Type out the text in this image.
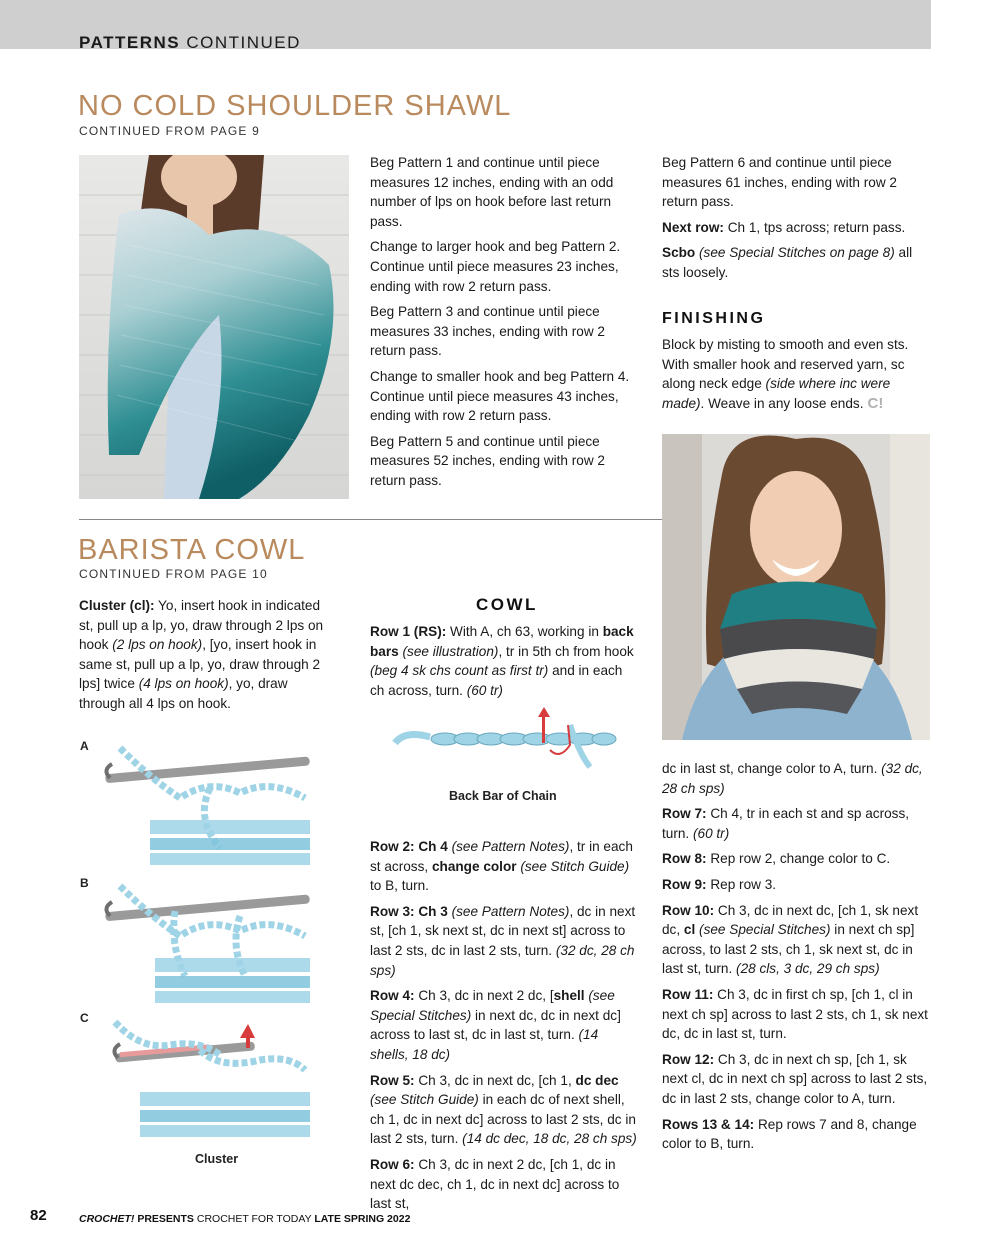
PATTERNS CONTINUED
NO COLD SHOULDER SHAWL
CONTINUED FROM PAGE 9

Beg Pattern 1 and continue until piece measures 12 inches, ending with an odd number of lps on hook before last return pass.

Change to larger hook and beg Pattern 2. Continue until piece measures 23 inches, ending with row 2 return pass.

Beg Pattern 3 and continue until piece measures 33 inches, ending with row 2 return pass.

Change to smaller hook and beg Pattern 4. Continue until piece measures 43 inches, ending with row 2 return pass.

Beg Pattern 5 and continue until piece measures 52 inches, ending with row 2 return pass.

Beg Pattern 6 and continue until piece measures 61 inches, ending with row 2 return pass.

Next row: Ch 1, tps across; return pass.

Scbo (see Special Stitches on page 8) all sts loosely.

FINISHING

Block by misting to smooth and even sts. With smaller hook and reserved yarn, sc along neck edge (side where inc were made). Weave in any loose ends. C!

BARISTA COWL
CONTINUED FROM PAGE 10

Cluster (cl): Yo, insert hook in indicated st, pull up a lp, yo, draw through 2 lps on hook (2 lps on hook), [yo, insert hook in same st, pull up a lp, yo, draw through 2 lps] twice (4 lps on hook), yo, draw through all 4 lps on hook.

A
B
C
Cluster
COWL

Row 1 (RS): With A, ch 63, working in back bars (see illustration), tr in 5th ch from hook (beg 4 sk chs count as first tr) and in each ch across, turn. (60 tr)

Back Bar of Chain

Row 2: Ch 4 (see Pattern Notes), tr in each st across, change color (see Stitch Guide) to B, turn.

Row 3: Ch 3 (see Pattern Notes), dc in next st, [ch 1, sk next st, dc in next st] across to last 2 sts, dc in last 2 sts, turn. (32 dc, 28 ch sps)

Row 4: Ch 3, dc in next 2 dc, [shell (see Special Stitches) in next dc, dc in next dc] across to last st, dc in last st, turn. (14 shells, 18 dc)

Row 5: Ch 3, dc in next dc, [ch 1, dc dec (see Stitch Guide) in each dc of next shell, ch 1, dc in next dc] across to last 2 sts, dc in last 2 sts, turn. (14 dc dec, 18 dc, 28 ch sps)

Row 6: Ch 3, dc in next 2 dc, [ch 1, dc in next dc dec, ch 1, dc in next dc] across to last st,

dc in last st, change color to A, turn. (32 dc, 28 ch sps)

Row 7: Ch 4, tr in each st and sp across, turn. (60 tr)

Row 8: Rep row 2, change color to C.

Row 9: Rep row 3.

Row 10: Ch 3, dc in next dc, [ch 1, sk next dc, cl (see Special Stitches) in next ch sp] across, to last 2 sts, ch 1, sk next st, dc in last st, turn. (28 cls, 3 dc, 29 ch sps)

Row 11: Ch 3, dc in first ch sp, [ch 1, cl in next ch sp] across to last 2 sts, ch 1, sk next dc, dc in last st, turn.

Row 12: Ch 3, dc in next ch sp, [ch 1, sk next cl, dc in next ch sp] across to last 2 sts, dc in last 2 sts, change color to A, turn.

Rows 13 & 14: Rep rows 7 and 8, change color to B, turn.

82	CROCHET! PRESENTS CROCHET FOR TODAY LATE SPRING 2022
